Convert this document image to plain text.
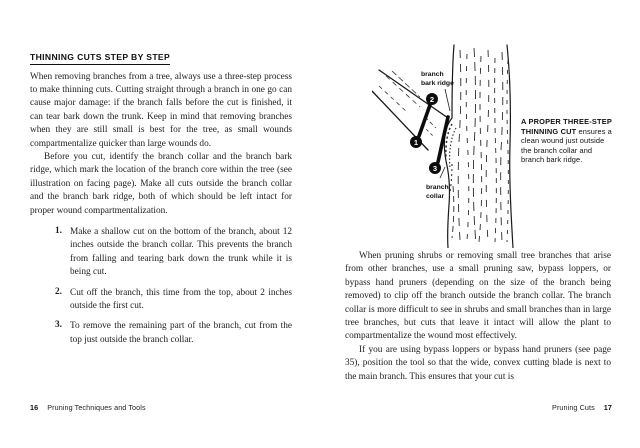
THINNING CUTS STEP BY STEP

When removing branches from a tree, always use a three-step process to make thinning cuts. Cutting straight through a branch in one go can cause major damage: if the branch falls before the cut is finished, it can tear bark down the trunk. Keep in mind that removing branches when they are still small is best for the tree, as small wounds compartmentalize quicker than large wounds do.

Before you cut, identify the branch collar and the branch bark ridge, which mark the location of the branch core within the tree (see illustration on facing page). Make all cuts outside the branch collar and the branch bark ridge, both of which should be left intact for proper wound compartmentalization.

1. Make a shallow cut on the bottom of the branch, about 12 inches outside the branch collar. This prevents the branch from falling and tearing bark down the trunk while it is being cut.
2. Cut off the branch, this time from the top, about 2 inches outside the first cut.
3. To remove the remaining part of the branch, cut from the top just outside the branch collar.
2
1
3
branch
bark ridge
branch
collar
A PROPER THREE-STEP THINNING CUT ensures a clean wound just outside the branch collar and branch bark ridge.

When pruning shrubs or removing small tree branches that arise from other branches, use a small pruning saw, bypass loppers, or bypass hand pruners (depending on the size of the branch being removed) to clip off the branch outside the branch collar. The branch collar is more difficult to see in shrubs and small branches than in large tree branches, but cuts that leave it intact will allow the plant to compartmentalize the wound most effectively.

If you are using bypass loppers or bypass hand pruners (see page 35), position the tool so that the wide, convex cutting blade is next to the main branch. This ensures that your cut is

16 Pruning Techniques and Tools	Pruning Cuts 17
